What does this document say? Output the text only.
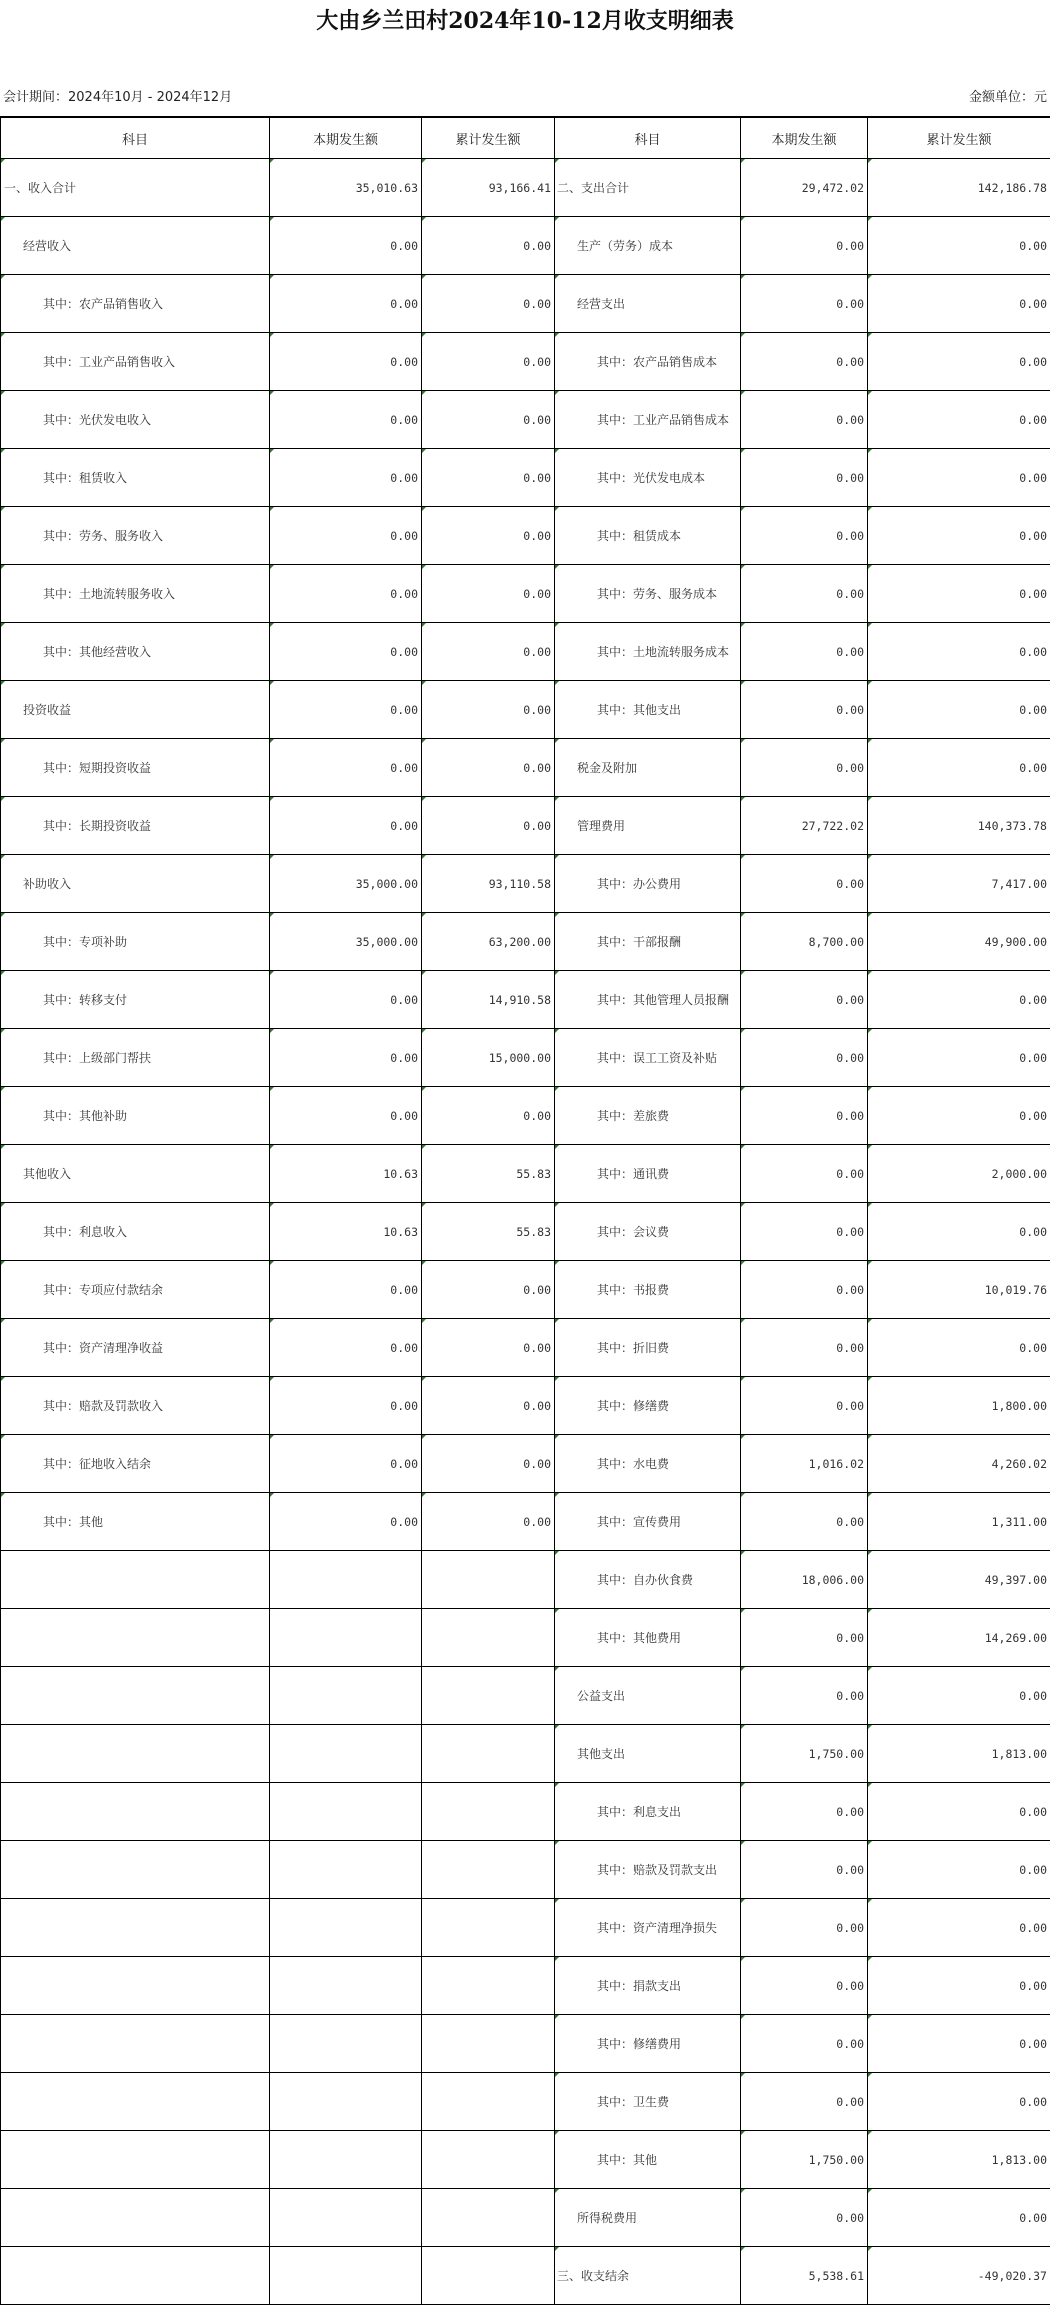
大由乡兰田村2024年10-12月收支明细表
会计期间：2024年10月 - 2024年12月	金额单位：元
科目	本期发生额	累计发生额	科目	本期发生额	累计发生额
一、收入合计	35,010.63	93,166.41	二、支出合计	29,472.02	142,186.78
经营收入	0.00	0.00	生产（劳务）成本	0.00	0.00
其中：农产品销售收入	0.00	0.00	经营支出	0.00	0.00
其中：工业产品销售收入	0.00	0.00	其中：农产品销售成本	0.00	0.00
其中：光伏发电收入	0.00	0.00	其中：工业产品销售成本	0.00	0.00
其中：租赁收入	0.00	0.00	其中：光伏发电成本	0.00	0.00
其中：劳务、服务收入	0.00	0.00	其中：租赁成本	0.00	0.00
其中：土地流转服务收入	0.00	0.00	其中：劳务、服务成本	0.00	0.00
其中：其他经营收入	0.00	0.00	其中：土地流转服务成本	0.00	0.00
投资收益	0.00	0.00	其中：其他支出	0.00	0.00
其中：短期投资收益	0.00	0.00	税金及附加	0.00	0.00
其中：长期投资收益	0.00	0.00	管理费用	27,722.02	140,373.78
补助收入	35,000.00	93,110.58	其中：办公费用	0.00	7,417.00
其中：专项补助	35,000.00	63,200.00	其中：干部报酬	8,700.00	49,900.00
其中：转移支付	0.00	14,910.58	其中：其他管理人员报酬	0.00	0.00
其中：上级部门帮扶	0.00	15,000.00	其中：误工工资及补贴	0.00	0.00
其中：其他补助	0.00	0.00	其中：差旅费	0.00	0.00
其他收入	10.63	55.83	其中：通讯费	0.00	2,000.00
其中：利息收入	10.63	55.83	其中：会议费	0.00	0.00
其中：专项应付款结余	0.00	0.00	其中：书报费	0.00	10,019.76
其中：资产清理净收益	0.00	0.00	其中：折旧费	0.00	0.00
其中：赔款及罚款收入	0.00	0.00	其中：修缮费	0.00	1,800.00
其中：征地收入结余	0.00	0.00	其中：水电费	1,016.02	4,260.02
其中：其他	0.00	0.00	其中：宣传费用	0.00	1,311.00
			其中：自办伙食费	18,006.00	49,397.00
			其中：其他费用	0.00	14,269.00
			公益支出	0.00	0.00
			其他支出	1,750.00	1,813.00
			其中：利息支出	0.00	0.00
			其中：赔款及罚款支出	0.00	0.00
			其中：资产清理净损失	0.00	0.00
			其中：捐款支出	0.00	0.00
			其中：修缮费用	0.00	0.00
			其中：卫生费	0.00	0.00
			其中：其他	1,750.00	1,813.00
			所得税费用	0.00	0.00
			三、收支结余	5,538.61	-49,020.37
